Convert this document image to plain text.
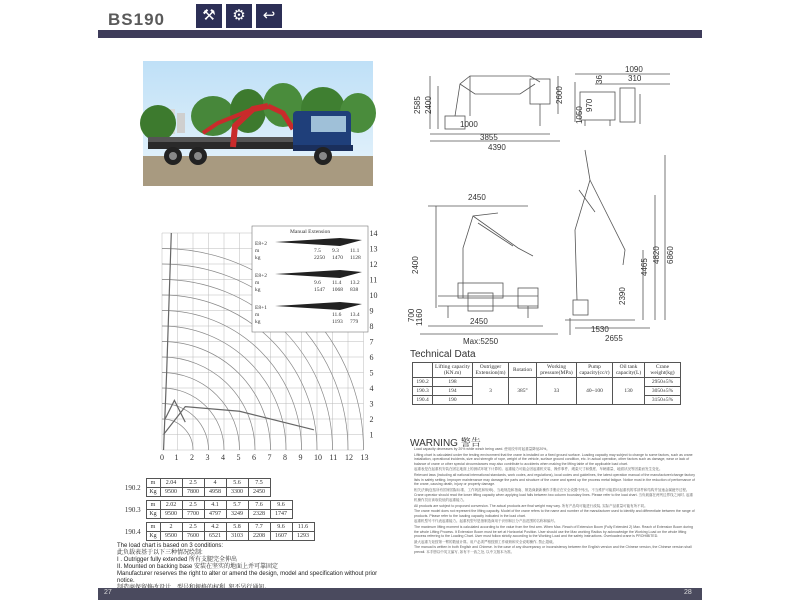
BS190	⚒	⚙	↩
2585 2400
1000
3855
4390
2600
1090
310
36
1050
970
2450
2400
700 1160	2450
Max:5250
6860
4820
4465
2390
1530
2655
1 2 3 4 5 6 7 8 9 10 11 12 13
0
1
2
3
4
5
6
7
8
9
10
11
12
13
14
Manual Extension
E8+2
m
kg
7.5 9.3 11.1
2250 1470 1128
E8+2
m
kg
9.6 11.4 13.2
1547 1068 838
E8+1
m
kg
11.6 13.4
1193 779
190.2	m	2.04	2.5	4	5.6	7.5
	Kg	9500	7800	4958	3300	2450
190.3	m	2.02	2.5	4.1	5.7	7.6	9.6
	Kg	9500	7700	4797	3249	2328	1747
190.4	m	2	2.5	4.2	5.8	7.7	9.6	11.6
	Kg	9500	7600	6521	3103	2208	1607	1293
The load chart is based on 3 conditions:
此负载表基于以下三种情况绘制:
I . Outrigger fully extended 所有支腿完全伸出
II. Mounted on backing base 安装在坚实的地面上并可靠固定
Manufacturer reserves the right to alter or amend the design, model and specification without prior notice.
Technical Data
	Lifting capacity (KN.m)	Outrigger Extension(m)	Rotation	Working pressure(MPa)	Pump capacity(cc/r)	Oil tank capacity(L)	Crane weight(kg)
190.2	198	3	385°	33	40~100	130	2950±5%
190.3	194						3050±5%
190.4	190						3150±5%
WARNING 警告
Load capacity decreases by 20% while winch being used. 使用绞车时起重量降低20%。
Lifting chart is calculated under the testing environment that the crane is installed on a fixed ground surface. Loading capacity may subject to change to some factors, such as crane installation, operational incidents, size and strength of rope, weight of the vehicle, surface ground condition, etc. In actual operation, other factors such as damage, wear or lack of balance of crane or other special circumstances may also contribute to accidents when making the lifting table of the applicable load chart.
起重表是在起重机安装在固定地面上的测试环境下计算的。起重能力可能会因起重机安装、操作事件、绳索尺寸和强度、车辆重量、地面状况等因素而发生变化。
Relevant laws (including all national international standards, work codes, and regulations), local codes and guidelines, the latest operation manual of the manufacturer/change factory lists in safety setting. Improper maintenance may damage the parts and structure of the crane and speed up the process metal fatigue. Notice must in the reduction of performance of the crane, causing death, injury or property damage.
相关法律(包括所有国家国际标准、工作规范和规章)、当地规范和指南、制造商最新操作手册应在安全设置中列出。不当维护可能损坏起重机的零部件和结构并加速金属疲劳过程。
Crane operator should read the lower lifting capacity when applying load falls between two column boundary lines. Please refer to the load chart. 当负载落在两列边界线之间时, 起重机操作员应读取较低的起重能力。
All products are subject to proposed conversion. The actual products are final weight may vary. 所有产品均可能进行改装, 实际产品重量可能有所不同。
The crane model does not represent the lifting capacity. Model of the crane refers to the name and number of the manufacturer used to identify and differentiate between the range of products. Please refer to the loading capacity indicated in the load chart.
起重机型号不代表起重能力。起重机型号是指制造商用于识别和区分产品范围的名称和编号。
The maximum lifting moment is calculated according to the value from the first arm. When Max. Reach of Extension Boom (Fully Extended 2) Max. Reach of Extension Boom during the whole Lifting Process. It Extension Boom must be set at Horizontal Position. User should use the Max working Radius by acknowledge the Working Load on the whole lifting process referring to the Loading Chart. User must follow strictly according to the Working Load and the safety instructions. Overloaded crane is PROHIBITED.
最大起重力矩按第一臂的数值计算。用户必须严格按照工作载荷和安全说明操作, 禁止超载。
The manual is written in both English and Chinese. In the case of any discrepancy or inconsistency between the English version and the Chinese version, the Chinese version shall prevail. 本手册以中英文编写, 如有不一致之处, 以中文版本为准。
27	28
